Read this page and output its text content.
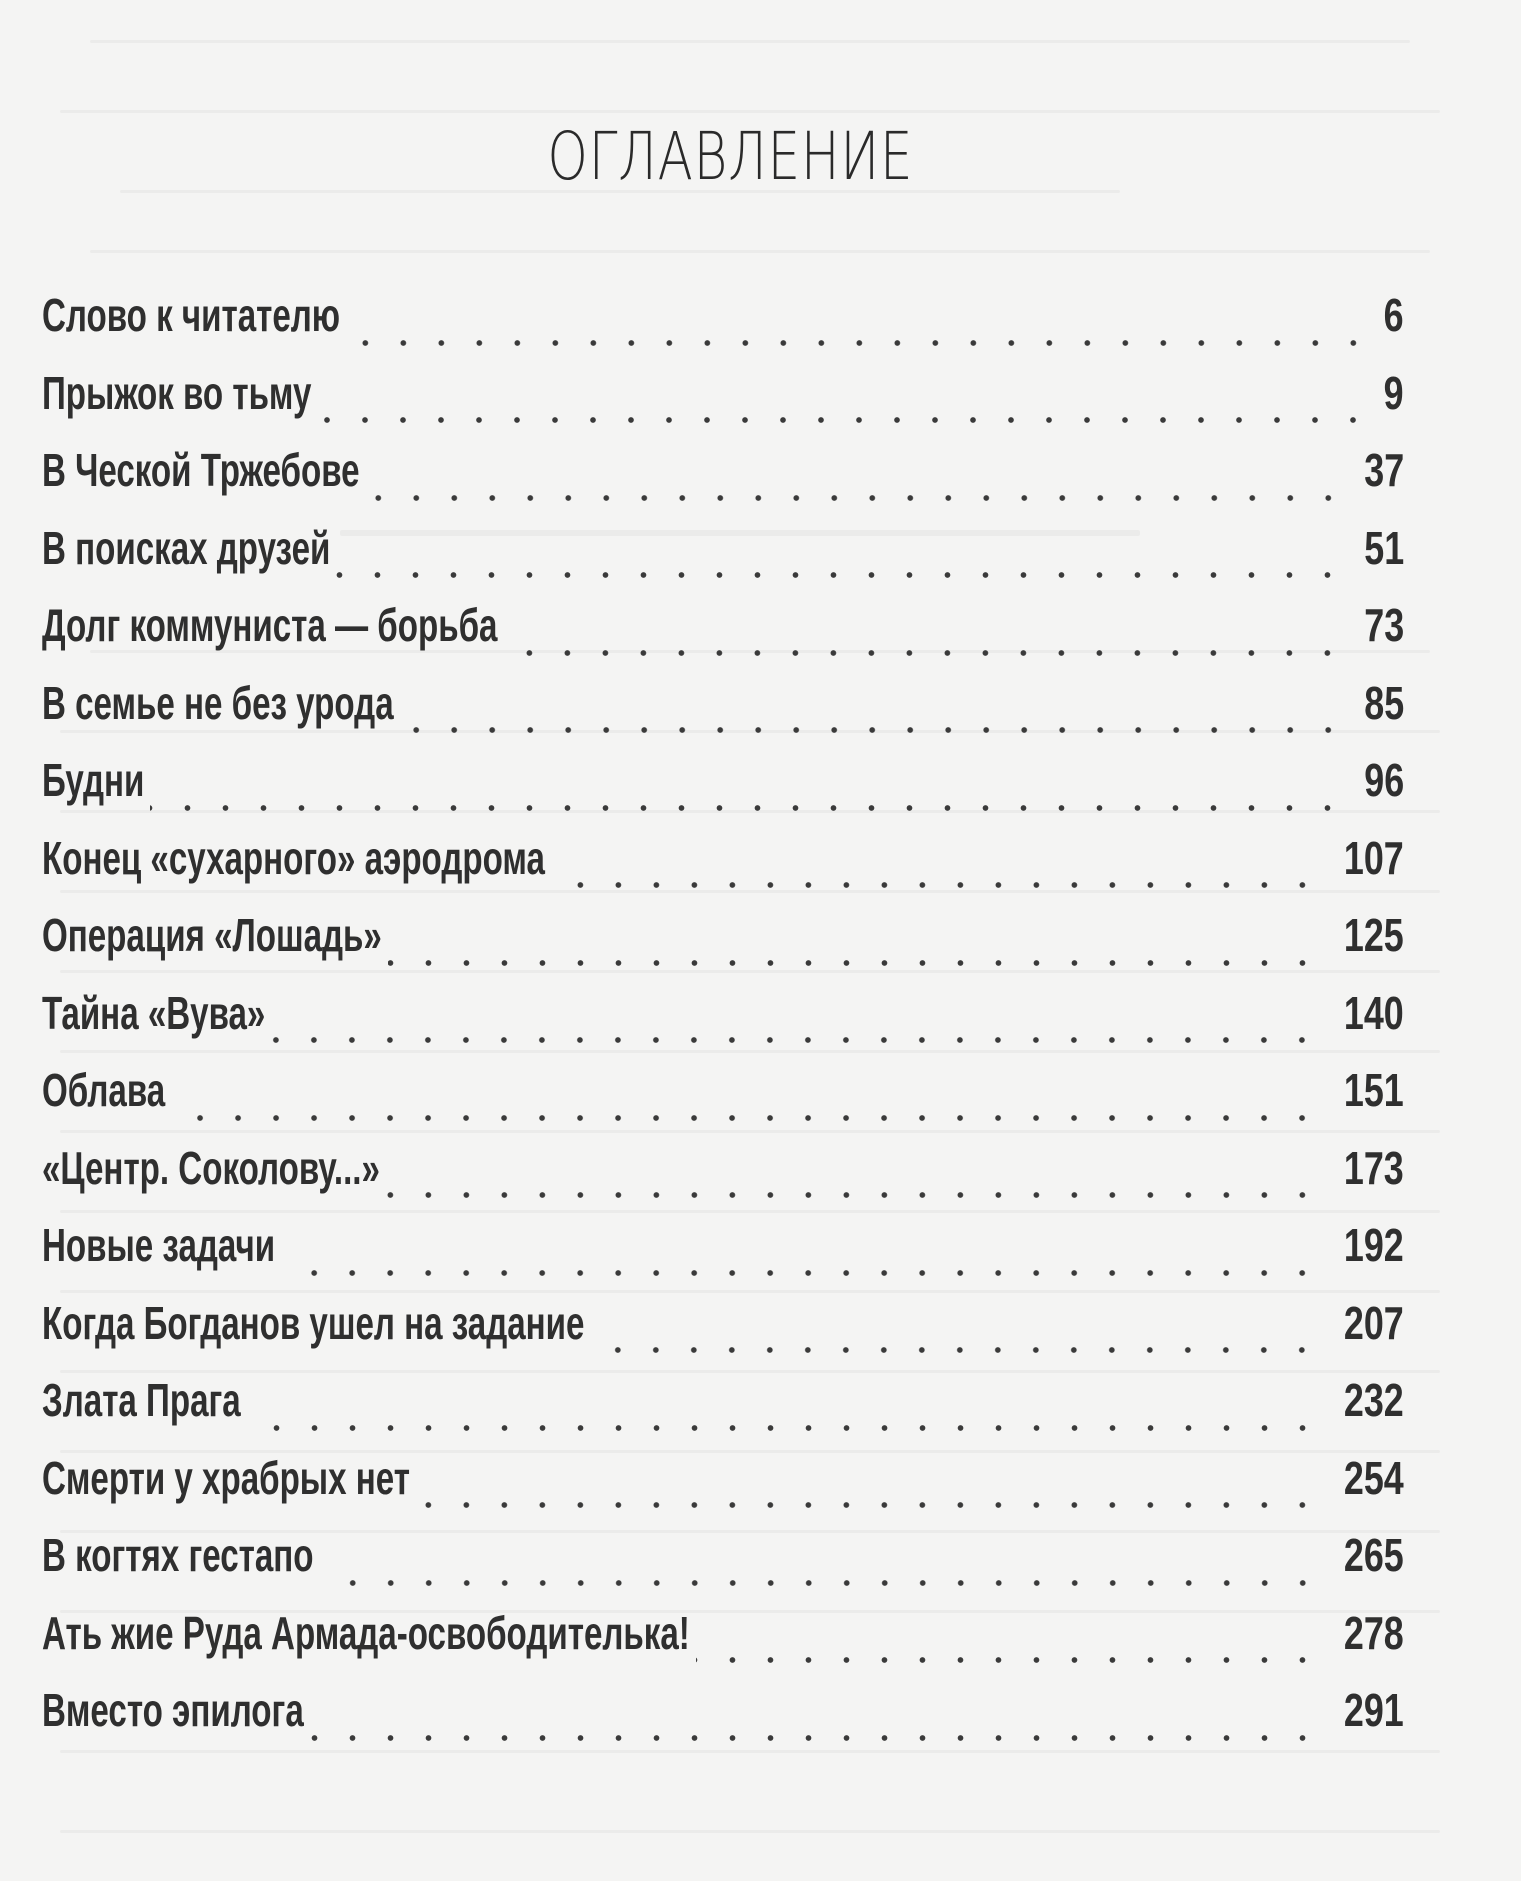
ОГЛАВЛЕНИЕ
Слово к читателю	6
Прыжок во тьму	9
В Ческой Тржебове	37
В поисках друзей	51
Долг коммуниста — борьба	73
В семье не без урода	85
Будни	96
Конец «сухарного» аэродрома	107
Операция «Лошадь»	125
Тайна «Вува»	140
Облава	151
«Центр. Соколову...»	173
Новые задачи	192
Когда Богданов ушел на задание	207
Злата Прага	232
Смерти у храбрых нет	254
В когтях гестапо	265
Ать жие Руда Армада-освободителька!	278
Вместо эпилога	291
